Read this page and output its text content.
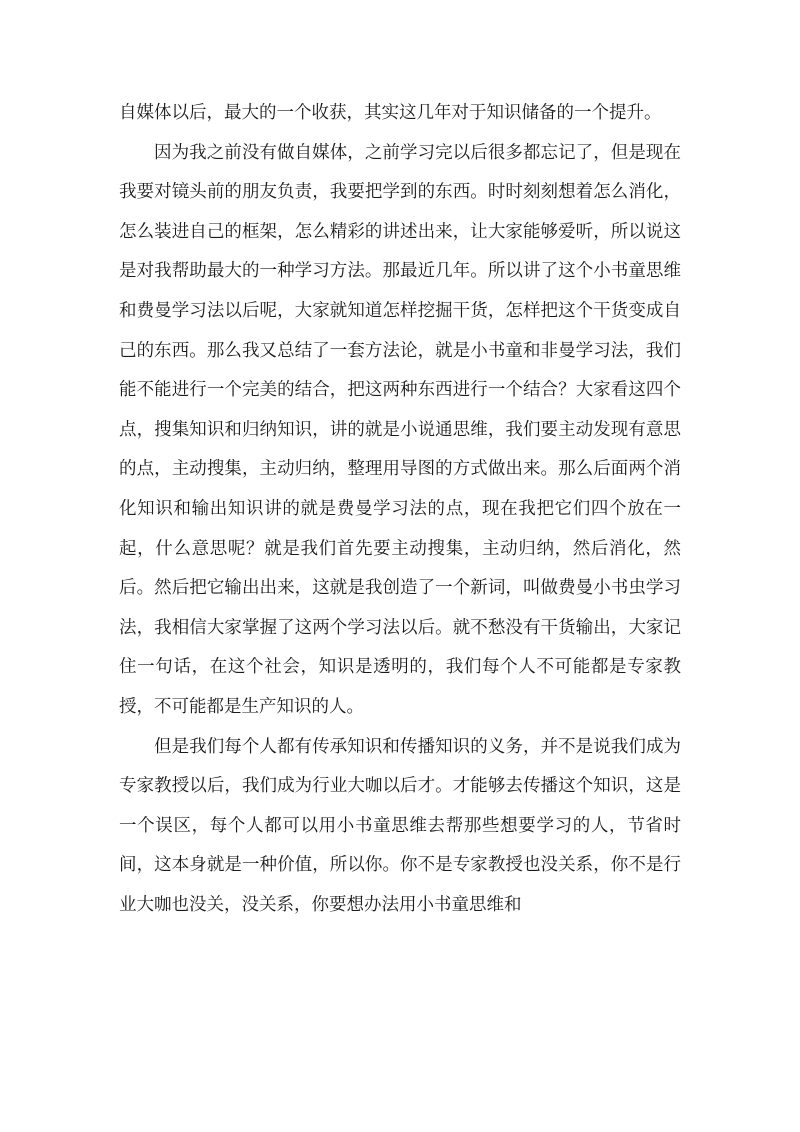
自媒体以后，最大的一个收获，其实这几年对于知识储备的一个提升。

因为我之前没有做自媒体，之前学习完以后很多都忘记了，但是现在我要对镜头前的朋友负责，我要把学到的东西。时时刻刻想着怎么消化，怎么装进自己的框架，怎么精彩的讲述出来，让大家能够爱听，所以说这是对我帮助最大的一种学习方法。那最近几年。所以讲了这个小书童思维和费曼学习法以后呢，大家就知道怎样挖掘干货，怎样把这个干货变成自己的东西。那么我又总结了一套方法论，就是小书童和非曼学习法，我们能不能进行一个完美的结合，把这两种东西进行一个结合？大家看这四个点，搜集知识和归纳知识，讲的就是小说通思维，我们要主动发现有意思的点，主动搜集，主动归纳，整理用导图的方式做出来。那么后面两个消化知识和输出知识讲的就是费曼学习法的点，现在我把它们四个放在一起，什么意思呢？就是我们首先要主动搜集，主动归纳，然后消化，然后。然后把它输出出来，这就是我创造了一个新词，叫做费曼小书虫学习法，我相信大家掌握了这两个学习法以后。就不愁没有干货输出，大家记住一句话，在这个社会，知识是透明的，我们每个人不可能都是专家教授，不可能都是生产知识的人。

但是我们每个人都有传承知识和传播知识的义务，并不是说我们成为专家教授以后，我们成为行业大咖以后才。才能够去传播这个知识，这是一个误区，每个人都可以用小书童思维去帮那些想要学习的人，节省时间，这本身就是一种价值，所以你。你不是专家教授也没关系，你不是行业大咖也没关，没关系，你要想办法用小书童思维和
